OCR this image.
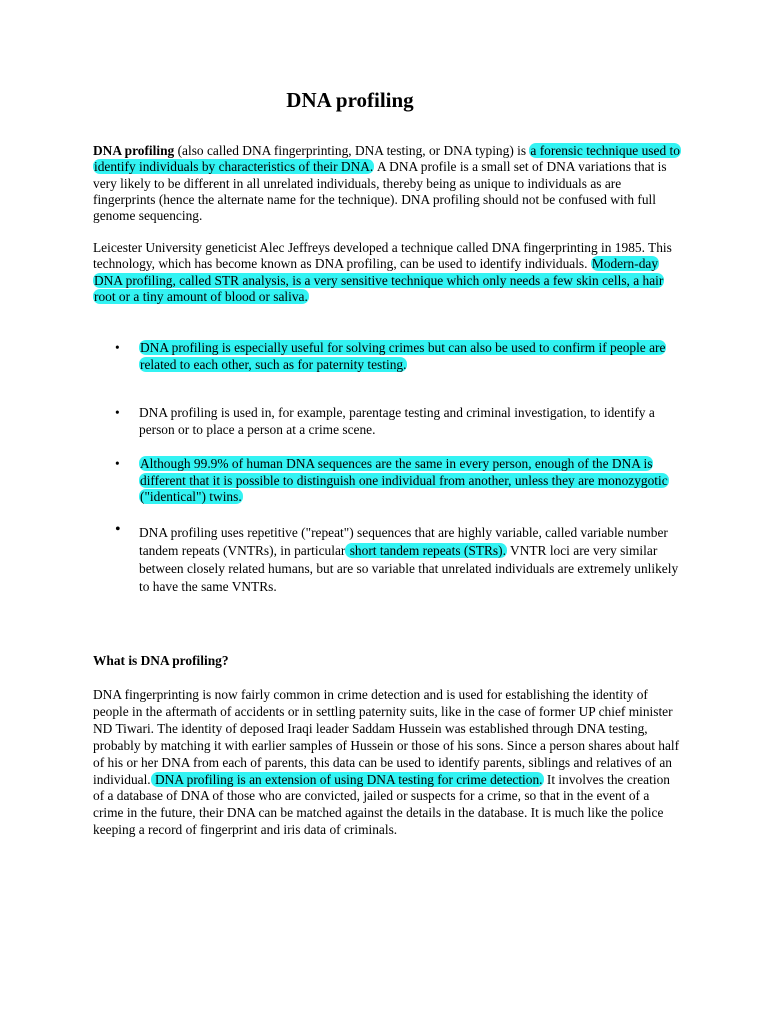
DNA profiling

DNA profiling (also called DNA fingerprinting, DNA testing, or DNA typing) is a forensic technique used to identify individuals by characteristics of their DNA. A DNA profile is a small set of DNA variations that is very likely to be different in all unrelated individuals, thereby being as unique to individuals as are fingerprints (hence the alternate name for the technique). DNA profiling should not be confused with full genome sequencing.

Leicester University geneticist Alec Jeffreys developed a technique called DNA fingerprinting in 1985. This technology, which has become known as DNA profiling, can be used to identify individuals. Modern-day DNA profiling, called STR analysis, is a very sensitive technique which only needs a few skin cells, a hair root or a tiny amount of blood or saliva.

• DNA profiling is especially useful for solving crimes but can also be used to confirm if people are related to each other, such as for paternity testing.
• DNA profiling is used in, for example, parentage testing and criminal investigation, to identify a person or to place a person at a crime scene.
• Although 99.9% of human DNA sequences are the same in every person, enough of the DNA is different that it is possible to distinguish one individual from another, unless they are monozygotic ("identical") twins.
• DNA profiling uses repetitive ("repeat") sequences that are highly variable, called variable number tandem repeats (VNTRs), in particular short tandem repeats (STRs). VNTR loci are very similar between closely related humans, but are so variable that unrelated individuals are extremely unlikely to have the same VNTRs.

What is DNA profiling?

DNA fingerprinting is now fairly common in crime detection and is used for establishing the identity of people in the aftermath of accidents or in settling paternity suits, like in the case of former UP chief minister ND Tiwari. The identity of deposed Iraqi leader Saddam Hussein was established through DNA testing, probably by matching it with earlier samples of Hussein or those of his sons. Since a person shares about half of his or her DNA from each of parents, this data can be used to identify parents, siblings and relatives of an individual. DNA profiling is an extension of using DNA testing for crime detection. It involves the creation of a database of DNA of those who are convicted, jailed or suspects for a crime, so that in the event of a crime in the future, their DNA can be matched against the details in the database. It is much like the police keeping a record of fingerprint and iris data of criminals.
